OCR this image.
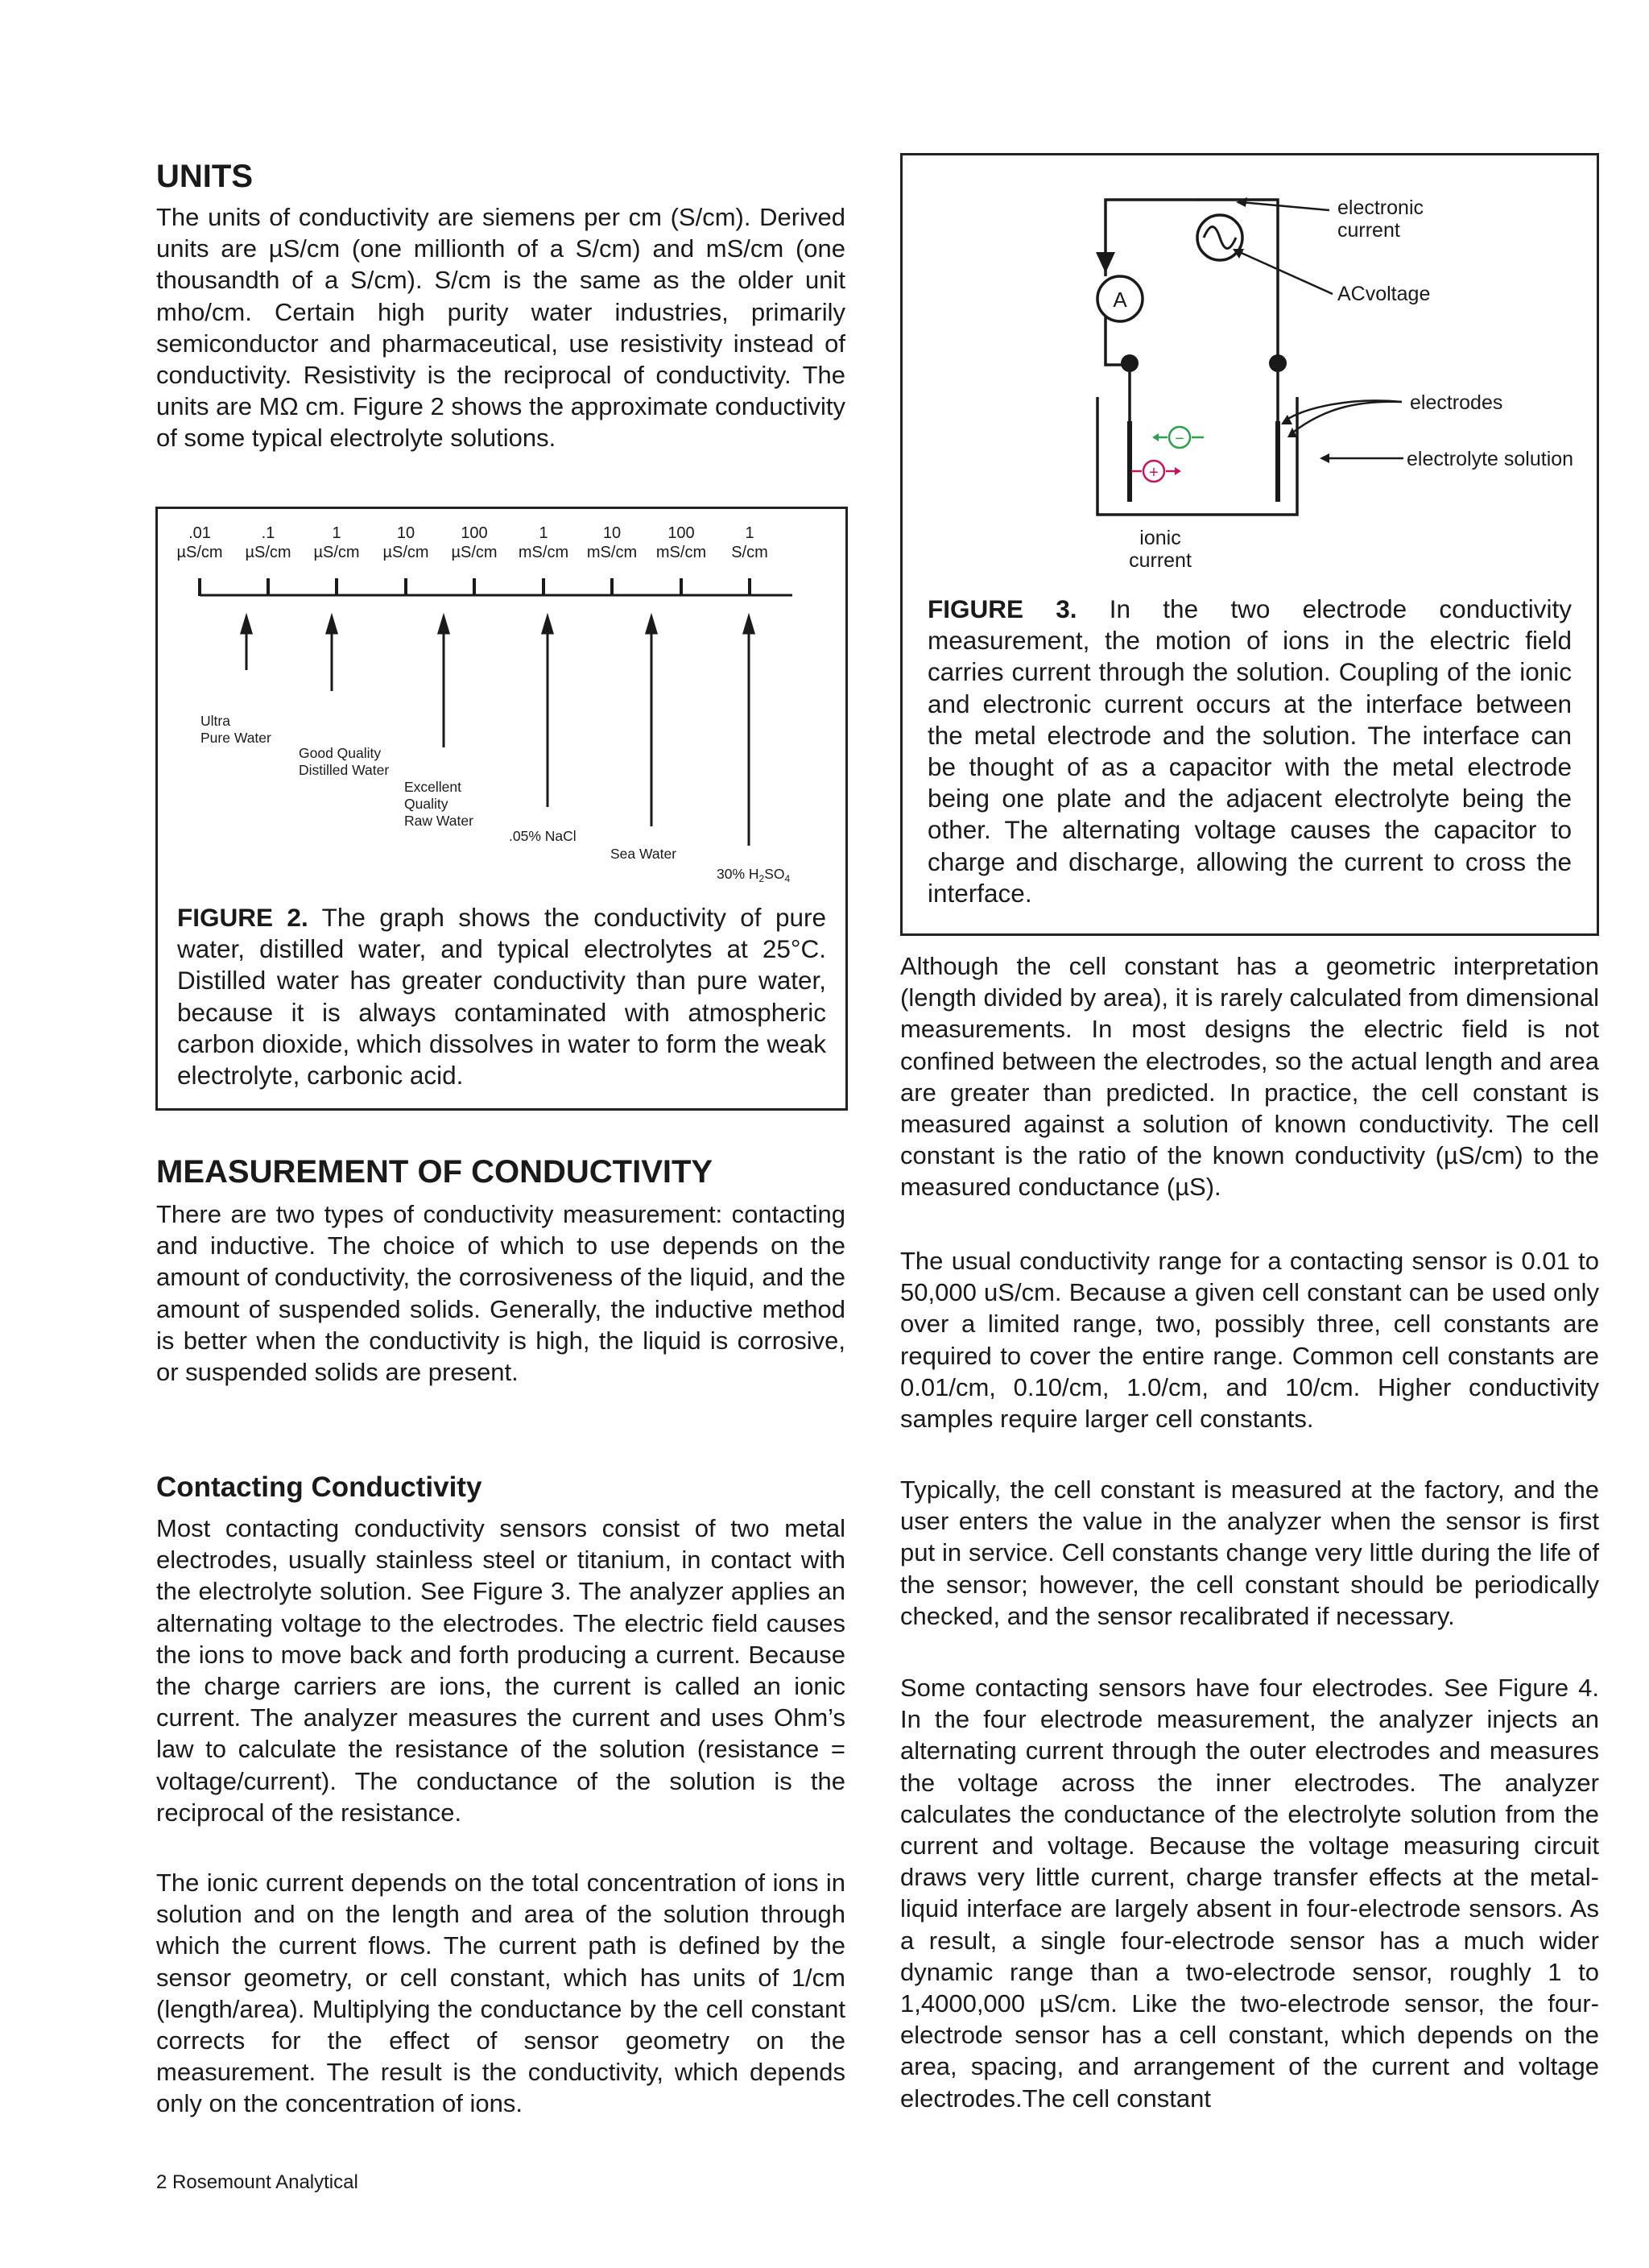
UNITS

The units of conductivity are siemens per cm (S/cm). Derived units are µS/cm (one millionth of a S/cm) and mS/cm (one thousandth of a S/cm). S/cm is the same as the older unit mho/cm. Certain high purity water industries, primarily semiconductor and pharmaceutical, use resistivity instead of conductivity. Resistivity is the reciprocal of conductivity. The units are MΩ cm. Figure 2 shows the approximate conductivity of some typical electrolyte solutions.

.01
µS/cm
.1
µS/cm
1
µS/cm
10
µS/cm
100
µS/cm
1
mS/cm
10
mS/cm
100
mS/cm
1
S/cm
Ultra
Pure Water
Good Quality
Distilled Water
Excellent
Quality
Raw Water
.05% NaCl
Sea Water
30% $H_2SO_4$

FIGURE 2. The graph shows the conductivity of pure water, distilled water, and typical electrolytes at 25°C. Distilled water has greater conductivity than pure water, because it is always contaminated with atmospheric carbon dioxide, which dissolves in water to form the weak electrolyte, carbonic acid.

MEASUREMENT OF CONDUCTIVITY

There are two types of conductivity measurement: contacting and inductive. The choice of which to use depends on the amount of conductivity, the corrosiveness of the liquid, and the amount of suspended solids. Generally, the inductive method is better when the conductivity is high, the liquid is corrosive, or suspended solids are present.

Contacting Conductivity

Most contacting conductivity sensors consist of two metal electrodes, usually stainless steel or titanium, in contact with the electrolyte solution. See Figure 3. The analyzer applies an alternating voltage to the electrodes. The electric field causes the ions to move back and forth producing a current. Because the charge carriers are ions, the current is called an ionic current. The analyzer measures the current and uses Ohm’s law to calculate the resistance of the solution (resistance = voltage/current). The conductance of the solution is the reciprocal of the resistance.

The ionic current depends on the total concentration of ions in solution and on the length and area of the solution through which the current flows. The current path is defined by the sensor geometry, or cell constant, which has units of 1/cm (length/area). Multiplying the conductance by the cell constant corrects for the effect of sensor geometry on the measurement. The result is the conductivity, which depends only on the concentration of ions.

A
−
+
electronic
current
ACvoltage
electrodes
electrolyte solution
ionic
current

FIGURE 3. In the two electrode conductivity measurement, the motion of ions in the electric field carries current through the solution. Coupling of the ionic and electronic current occurs at the interface between the metal electrode and the solution. The interface can be thought of as a capacitor with the metal electrode being one plate and the adjacent electrolyte being the other. The alternating voltage causes the capacitor to charge and discharge, allowing the current to cross the interface.

Although the cell constant has a geometric interpretation (length divided by area), it is rarely calculated from dimensional measurements. In most designs the electric field is not confined between the electrodes, so the actual length and area are greater than predicted. In practice, the cell constant is measured against a solution of known conductivity. The cell constant is the ratio of the known conductivity (µS/cm) to the measured conductance (µS).

The usual conductivity range for a contacting sensor is 0.01 to 50,000 uS/cm. Because a given cell constant can be used only over a limited range, two, possibly three, cell constants are required to cover the entire range. Common cell constants are 0.01/cm, 0.10/cm, 1.0/cm, and 10/cm. Higher conductivity samples require larger cell constants.

Typically, the cell constant is measured at the factory, and the user enters the value in the analyzer when the sensor is first put in service. Cell constants change very little during the life of the sensor; however, the cell constant should be periodically checked, and the sensor recalibrated if necessary.

Some contacting sensors have four electrodes. See Figure 4. In the four electrode measurement, the analyzer injects an alternating current through the outer electrodes and measures the voltage across the inner electrodes. The analyzer calculates the conductance of the electrolyte solution from the current and voltage. Because the voltage measuring circuit draws very little current, charge transfer effects at the metal-liquid interface are largely absent in four-electrode sensors. As a result, a single four-electrode sensor has a much wider dynamic range than a two-electrode sensor, roughly 1 to 1,4000,000 µS/cm. Like the two-electrode sensor, the four-electrode sensor has a cell constant, which depends on the area, spacing, and arrangement of the current and voltage electrodes.The cell constant

2 Rosemount Analytical
